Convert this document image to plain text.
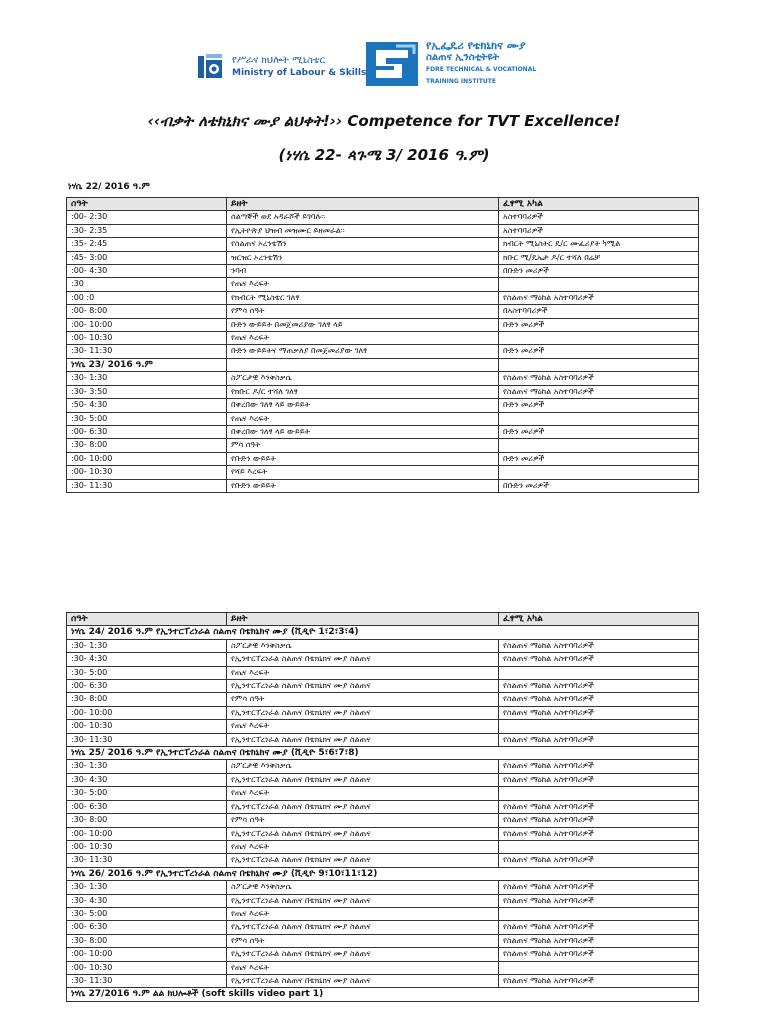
የሥራና ክህሎት ሚኒስቴር
Ministry of Labour & Skills
የኢፌዴሪ የቴክኒክና ሙያ
ስልጠና ኢንስቲትዩት
FDRE TECHNICAL & VOCATIONAL
TRAINING INSTITUTE
‹‹ብቃት ለቴክኒክና ሙያ ልህቀት!›› Competence for TVT Excellence!
(ነሃሴ 22- ጳጉሜ 3/ 2016 ዓ.ም)
ነሃሴ 22/ 2016 ዓ.ም
ሰዓት	ይዘት	ፈፃሚ አካል
:00- 2:30	ሰልጣኞች ወደ አዳራሾች ይገባሉ፡፡	አስተባባሪዎች
:30- 2:35	የኢትዮጵያ ህዝብ መዝሙር ይዘመራል፡፡	አስተባባሪዎች
:35- 2:45	የስልጠና ኦረንቴሽን	ክብርት ሚኒስትር ዴ/ር ሙፈሪያት ካሚል
:45- 3:00	ዝርዝር ኦረንቴሽን	ክቡር ሚ/ዴኤታ ዶ/ር ተሻለ በሬቻ
:00- 4:30	ንባብ	በቡድን መሪዎች
:30	የጤና እረፍት	
:00 :0	የክብርት ሚኒስቴር ገለፃ	የስልጠና ማዕከል አስተባባሪዎች
:00- 8:00	የምሳ ሰዓት	በአስተባባሪዎች
:00- 10:00	ቡድን ውይይት በመጀመሪያው ገለፃ ላይ	ቡድን መሪዎች
:00- 10:30	የጤና እረፍት	
:30- 11:30	ቡድን ውይይትና ማጠቃለያ በመጀመሪያው ገለፃ	ቡድን መሪዎች
ነሃሴ 23/ 2016 ዓ.ም		
:30- 1:30	ስፖርታዊ እንቅስቃሴ	የስልጠና ማዕከል አስተባባሪዎች
:30- 3:50	የክቡር ዶ/ር ተሻለ ገለፃ	የስልጠና ማዕከል አስተባባሪዎች
:50- 4:30	በቀረበው ገለፃ ላይ ውይይት	ቡድን መሪዎች
:30- 5:00	የጤና እረፍት	
:00- 6:30	በቀረበው ገለፃ ላይ ውይይት	ቡድን መሪዎች
:30- 8:00	ምሳ ሰዓት	
:00- 10:00	የቡድን ውይይት	ቡድን መሪዎች
:00- 10:30	የሻይ እረፍት	
:30- 11:30	የቡድን ውይይት	በቡድን መሪዎች
ሰዓት	ይዘት	ፈፃሚ አካል
ነሃሴ 24/ 2016 ዓ.ም የኢንተርፐረነራል ስልጠና በቴክኒክና ሙያ (ቪዲዮ 1፣2፣3፣4)		
:30- 1:30	ስፖርታዊ እንቅስቃሴ	የስልጠና ማዕከል አስተባባሪዎች
:30- 4:30	የኢንተርፐረነራል ስልጠና በቴክኒክና ሙያ ስልጠና	የስልጠና ማዕከል አስተባባሪዎች
:30- 5:00	የጤና እረፍት	
:00- 6:30	የኢንተርፐረነራል ስልጠና በቴክኒክና ሙያ ስልጠና	የስልጠና ማዕከል አስተባባሪዎች
:30- 8:00	የምሳ ሰዓት	የስልጠና ማዕከል አስተባባሪዎች
:00- 10:00	የኢንተርፐረነራል ስልጠና በቴክኒክና ሙያ ስልጠና	የስልጠና ማዕከል አስተባባሪዎች
:00- 10:30	የጤና እረፍት	
:30- 11:30	የኢንተርፐረነራል ስልጠና በቴክኒክና ሙያ ስልጠና	የስልጠና ማዕከል አስተባባሪዎች
ነሃሴ 25/ 2016 ዓ.ም የኢንተርፐረነራል ስልጠና በቴክኒክና ሙያ (ቪዲዮ 5፣6፣7፣8)		
:30- 1:30	ስፖርታዊ እንቅስቃሴ	የስልጠና ማዕከል አስተባባሪዎች
:30- 4:30	የኢንተርፐረነራል ስልጠና በቴክኒክና ሙያ ስልጠና	የስልጠና ማዕከል አስተባባሪዎች
:30- 5:00	የጤና እረፍት	
:00- 6:30	የኢንተርፐረነራል ስልጠና በቴክኒክና ሙያ ስልጠና	የስልጠና ማዕከል አስተባባሪዎች
:30- 8:00	የምሳ ሰዓት	የስልጠና ማዕከል አስተባባሪዎች
:00- 10:00	የኢንተርፐረነራል ስልጠና በቴክኒክና ሙያ ስልጠና	የስልጠና ማዕከል አስተባባሪዎች
:00- 10:30	የጤና እረፍት	
:30- 11:30	የኢንተርፐረነራል ስልጠና በቴክኒክና ሙያ ስልጠና	የስልጠና ማዕከል አስተባባሪዎች
ነሃሴ 26/ 2016 ዓ.ም የኢንተርፐረነራል ስልጠና በቴክኒክና ሙያ (ቪዲዮ 9፣10፣11፣12)		
:30- 1:30	ስፖርታዊ እንቅስቃሴ	የስልጠና ማዕከል አስተባባሪዎች
:30- 4:30	የኢንተርፐረነራል ስልጠና በቴክኒክና ሙያ ስልጠና	የስልጠና ማዕከል አስተባባሪዎች
:30- 5:00	የጤና እረፍት	
:00- 6:30	የኢንተርፐረነራል ስልጠና በቴክኒክና ሙያ ስልጠና	የስልጠና ማዕከል አስተባባሪዎች
:30- 8:00	የምሳ ሰዓት	የስልጠና ማዕከል አስተባባሪዎች
:00- 10:00	የኢንተርፐረነራል ስልጠና በቴክኒክና ሙያ ስልጠና	የስልጠና ማዕከል አስተባባሪዎች
:00- 10:30	የጤና እረፍት	
:30- 11:30	የኢንተርፐረነራል ስልጠና በቴክኒክና ሙያ ስልጠና	የስልጠና ማዕከል አስተባባሪዎች
ነሃሴ 27/2016 ዓ.ም ልል ክህሎቶች (soft skills video part 1)		
